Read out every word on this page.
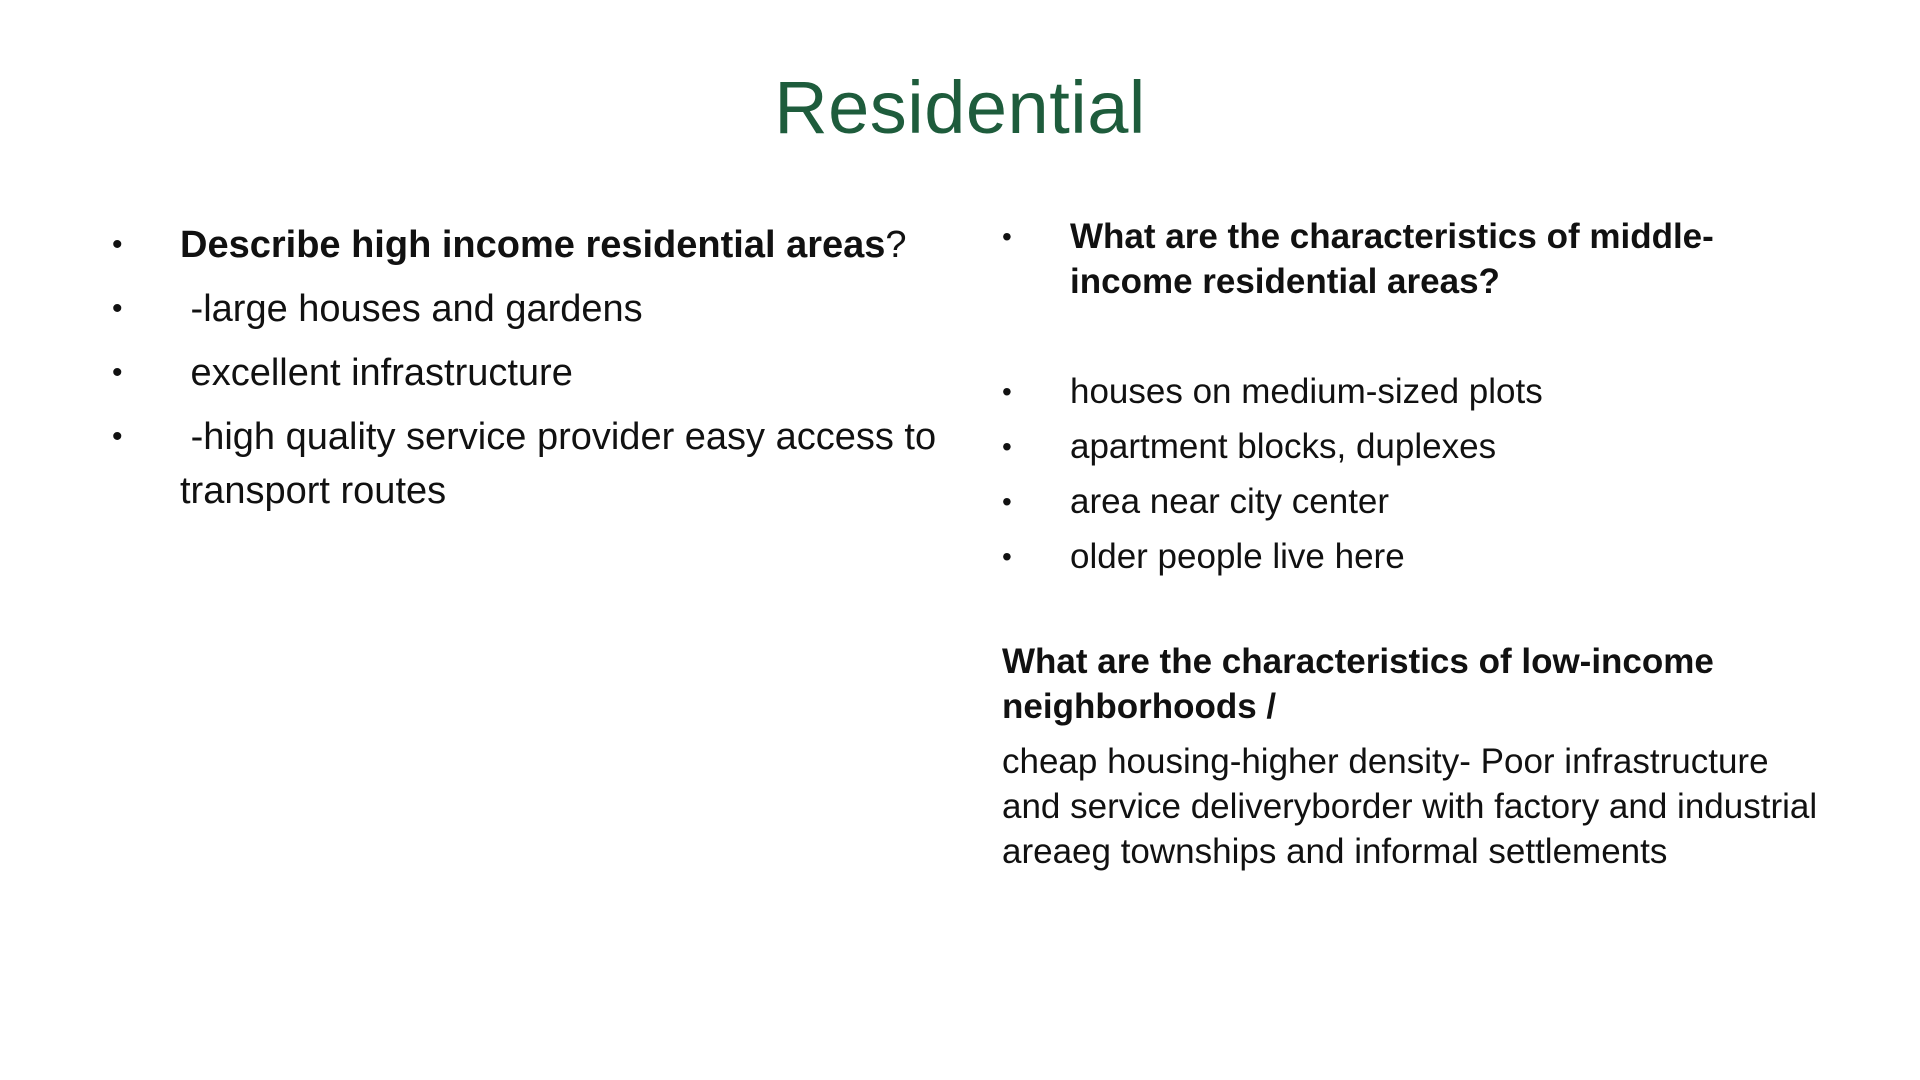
Residential
•	Describe high income residential areas?
•	-large houses and gardens
•	excellent infrastructure
•	-high quality service provider easy access to transport routes
•	What are the characteristics of middle-income residential areas?
•	houses on medium-sized plots
•	apartment blocks, duplexes
•	area near city center
•	older people live here
What are the characteristics of low-income neighborhoods /
cheap housing-higher density- Poor infrastructure and service deliveryborder with factory and industrial areaeg townships and informal settlements
